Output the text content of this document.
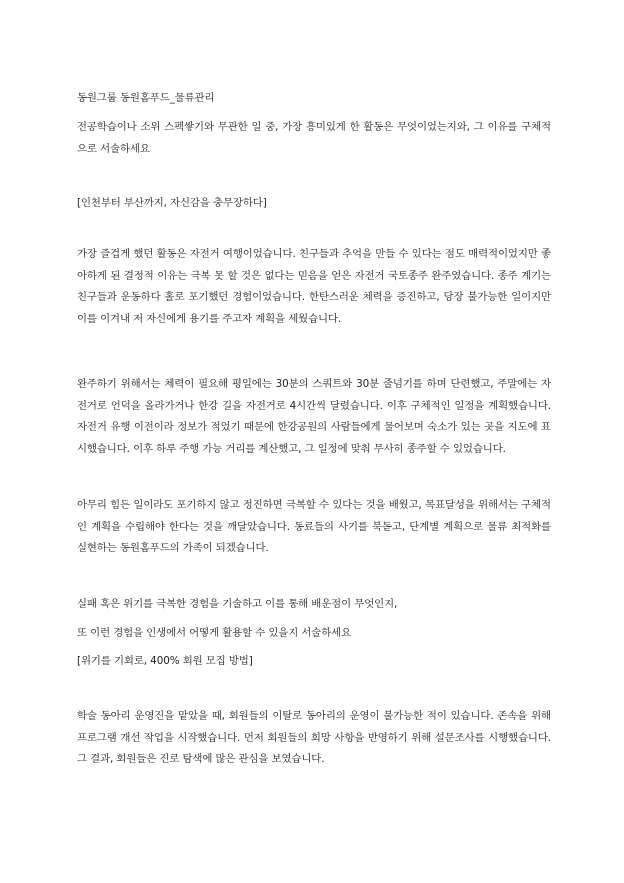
동원그룹 동원홈푸드_물류관리

전공학습이나 소위 스펙쌓기와 무관한 일 중, 가장 흥미있게 한 활동은 무엇이었는지와, 그 이유를 구체적으로 서술하세요

[인천부터 부산까지, 자신감을 충무장하다]

가장 즐겁게 했던 활동은 자전거 여행이었습니다. 친구들과 추억을 만들 수 있다는 점도 매력적이었지만 좋아하게 된 결정적 이유는 극복 못 할 것은 없다는 믿음을 얻은 자전거 국토종주 완주였습니다. 종주 계기는 친구들과 운동하다 홀로 포기했던 경험이었습니다. 한탄스러운 체력을 증진하고, 당장 불가능한 일이지만 이를 이겨내 저 자신에게 용기를 주고자 계획을 세웠습니다.

완주하기 위해서는 체력이 필요해 평일에는 30분의 스쿼트와 30분 줄넘기를 하며 단련했고, 주말에는 자전거로 언덕을 올라가거나 한강 길을 자전거로 4시간씩 달렸습니다. 이후 구체적인 일정을 계획했습니다. 자전거 유행 이전이라 정보가 적었기 때문에 한강공원의 사람들에게 물어보며 숙소가 있는 곳을 지도에 표시했습니다. 이후 하루 주행 가능 거리를 계산했고, 그 일정에 맞춰 무사히 종주할 수 있었습니다.

아무리 힘든 일이라도 포기하지 않고 정진하면 극복할 수 있다는 것을 배웠고, 목표달성을 위해서는 구체적인 계획을 수립해야 한다는 것을 깨달았습니다. 동료들의 사기를 북돋고, 단계별 계획으로 물류 최적화를 실현하는 동원홈푸드의 가족이 되겠습니다.

실패 혹은 위기를 극복한 경험을 기술하고 이를 통해 배운점이 무엇인지,

또 이런 경험을 인생에서 어떻게 활용할 수 있을지 서술하세요

[위기를 기회로, 400% 회원 모집 방법]

학술 동아리 운영진을 맡았을 때, 회원들의 이탈로 동아리의 운영이 불가능한 적이 있습니다. 존속을 위해 프로그램 개선 작업을 시작했습니다. 먼저 회원들의 희망 사항을 반영하기 위해 설문조사를 시행했습니다. 그 결과, 회원들은 진로 탐색에 많은 관심을 보였습니다.
